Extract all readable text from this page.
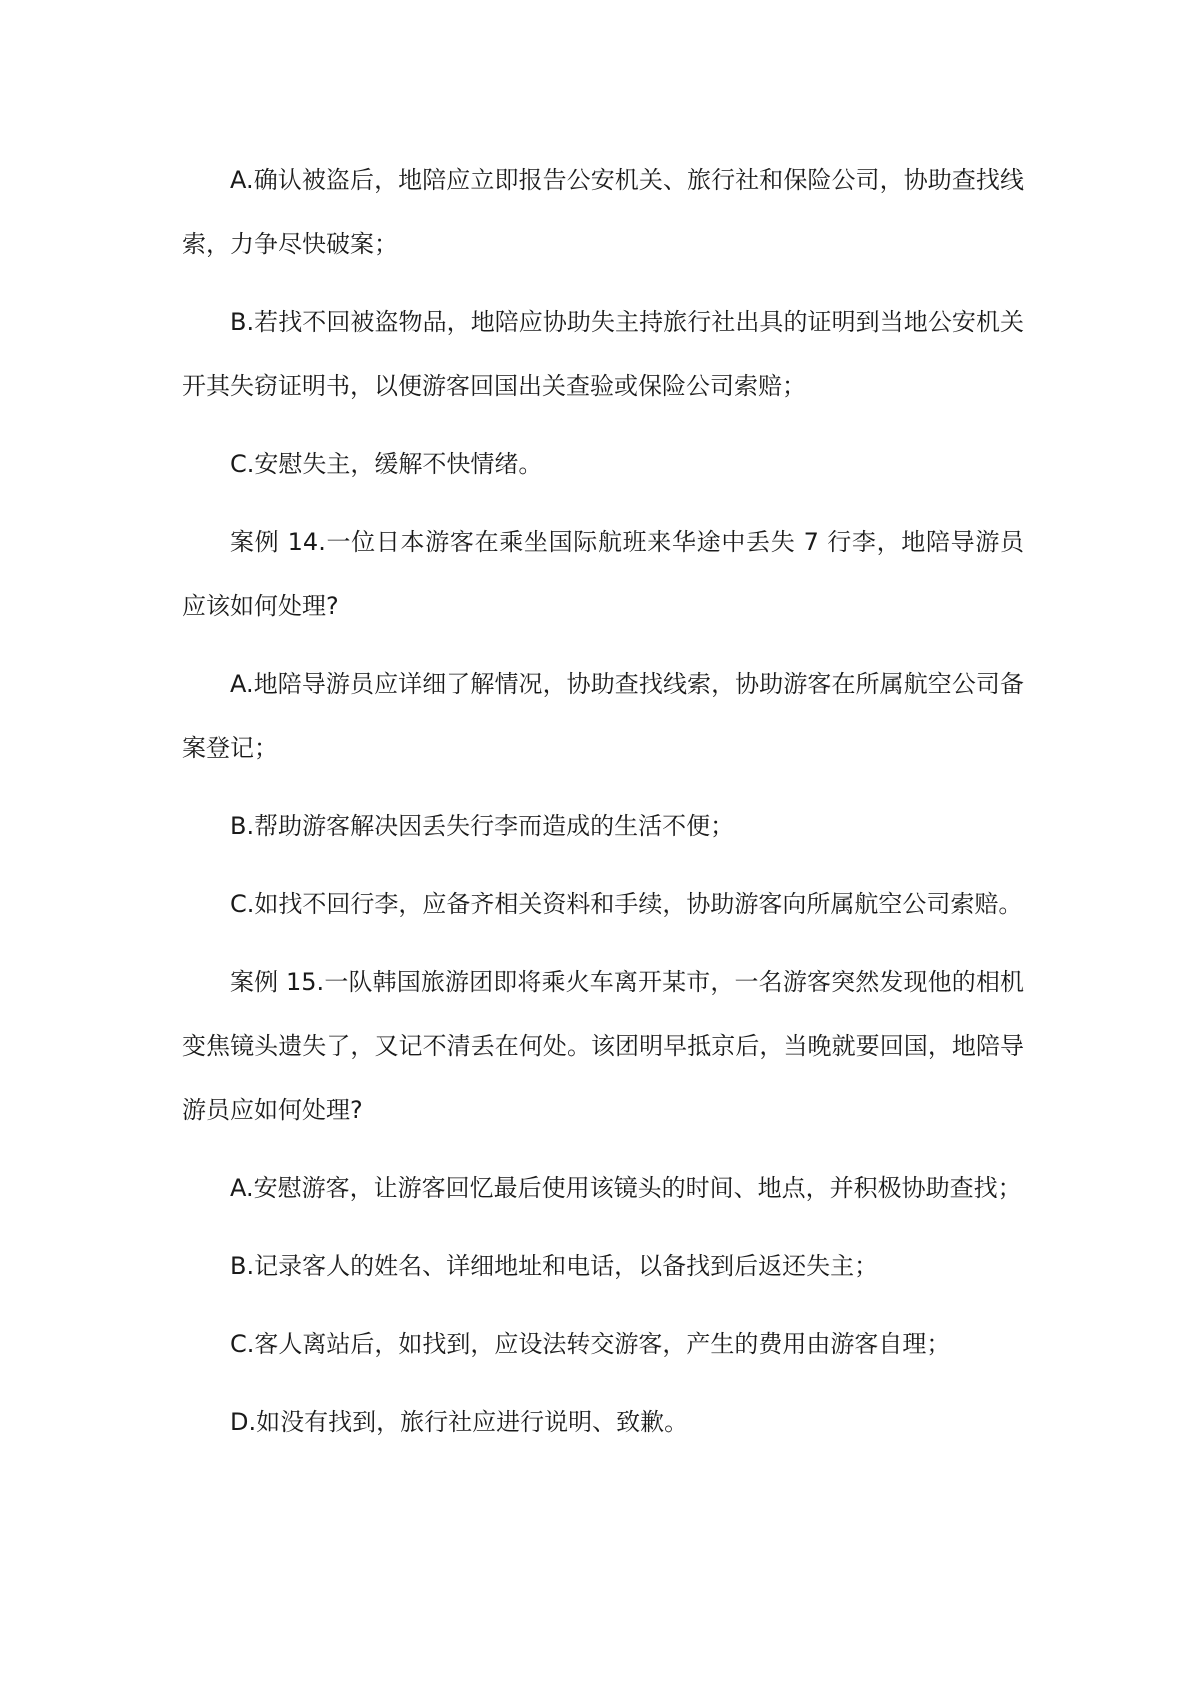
A.确认被盗后，地陪应立即报告公安机关、旅行社和保险公司，协助查找线索，力争尽快破案；

B.若找不回被盗物品，地陪应协助失主持旅行社出具的证明到当地公安机关开其失窃证明书，以便游客回国出关查验或保险公司索赔；

C.安慰失主，缓解不快情绪。

案例 14.一位日本游客在乘坐国际航班来华途中丢失 7 行李，地陪导游员应该如何处理?

A.地陪导游员应详细了解情况，协助查找线索，协助游客在所属航空公司备案登记；

B.帮助游客解决因丢失行李而造成的生活不便；

C.如找不回行李，应备齐相关资料和手续，协助游客向所属航空公司索赔。

案例 15.一队韩国旅游团即将乘火车离开某市，一名游客突然发现他的相机变焦镜头遗失了，又记不清丢在何处。该团明早抵京后，当晚就要回国，地陪导游员应如何处理?

A.安慰游客，让游客回忆最后使用该镜头的时间、地点，并积极协助查找；

B.记录客人的姓名、详细地址和电话，以备找到后返还失主；

C.客人离站后，如找到，应设法转交游客，产生的费用由游客自理；

D.如没有找到，旅行社应进行说明、致歉。
